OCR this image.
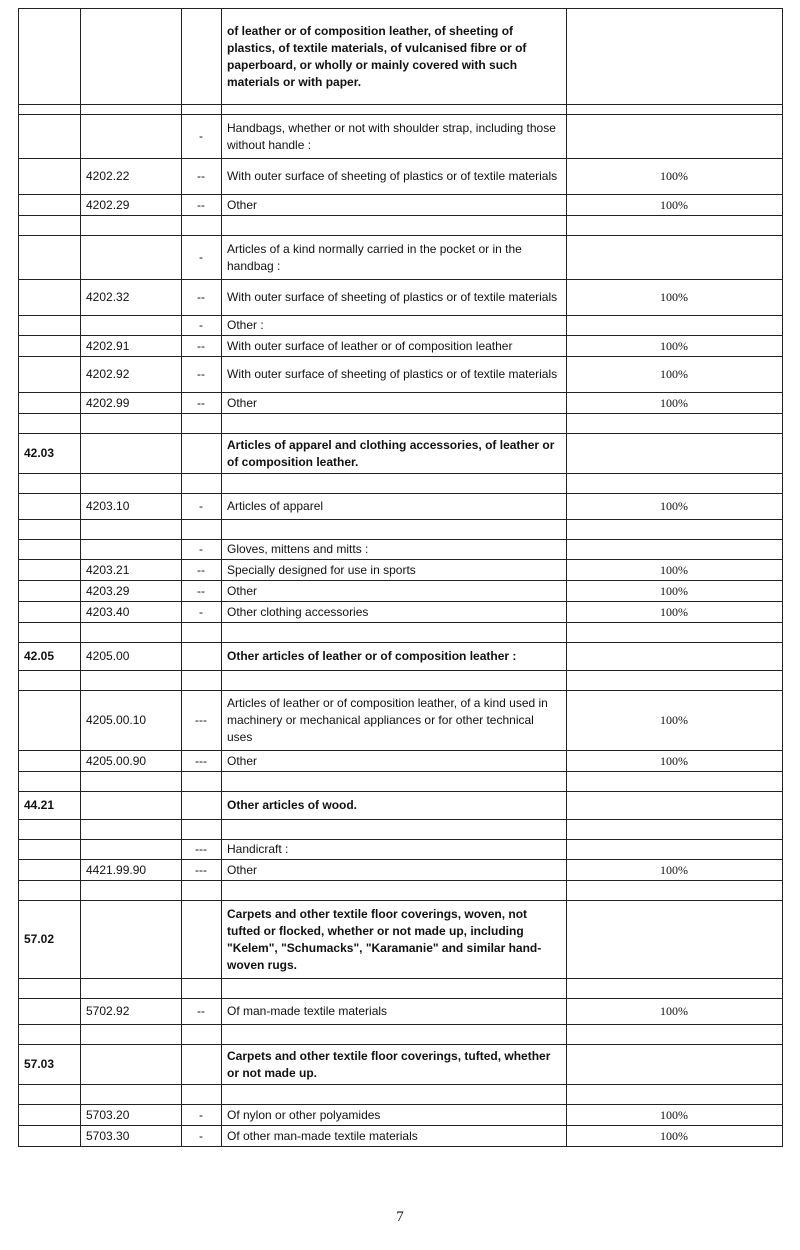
			of leather or of composition leather, of sheeting of plastics, of textile materials, of vulcanised fibre or of paperboard, or wholly or mainly covered with such materials or with paper.	

		-	Handbags, whether or not with shoulder strap, including those without handle :	
	4202.22	--	With outer surface of sheeting of plastics or of textile materials	100%
	4202.29	--	Other	100%

		-	Articles of a kind normally carried in the pocket or in the handbag :	
	4202.32	--	With outer surface of sheeting of plastics or of textile materials	100%
		-	Other :	
	4202.91	--	With outer surface of leather or of composition leather	100%
	4202.92	--	With outer surface of sheeting of plastics or of textile materials	100%
	4202.99	--	Other	100%

42.03			Articles of apparel and clothing accessories, of leather or of composition leather.	

	4203.10	-	Articles of apparel	100%

		-	Gloves, mittens and mitts :	
	4203.21	--	Specially designed for use in sports	100%
	4203.29	--	Other	100%
	4203.40	-	Other clothing accessories	100%

42.05	4205.00		Other articles of leather or of composition leather :	

	4205.00.10	---	Articles of leather or of composition leather, of a kind used in machinery or mechanical appliances or for other technical uses	100%
	4205.00.90	---	Other	100%

44.21			Other articles of wood.	

		---	Handicraft :	
	4421.99.90	---	Other	100%

57.02			Carpets and other textile floor coverings, woven, not tufted or flocked, whether or not made up, including "Kelem", "Schumacks", "Karamanie" and similar hand-woven rugs.	

	5702.92	--	Of man-made textile materials	100%

57.03			Carpets and other textile floor coverings, tufted, whether or not made up.	

	5703.20	-	Of nylon or other polyamides	100%
	5703.30	-	Of other man-made textile materials	100%
7
